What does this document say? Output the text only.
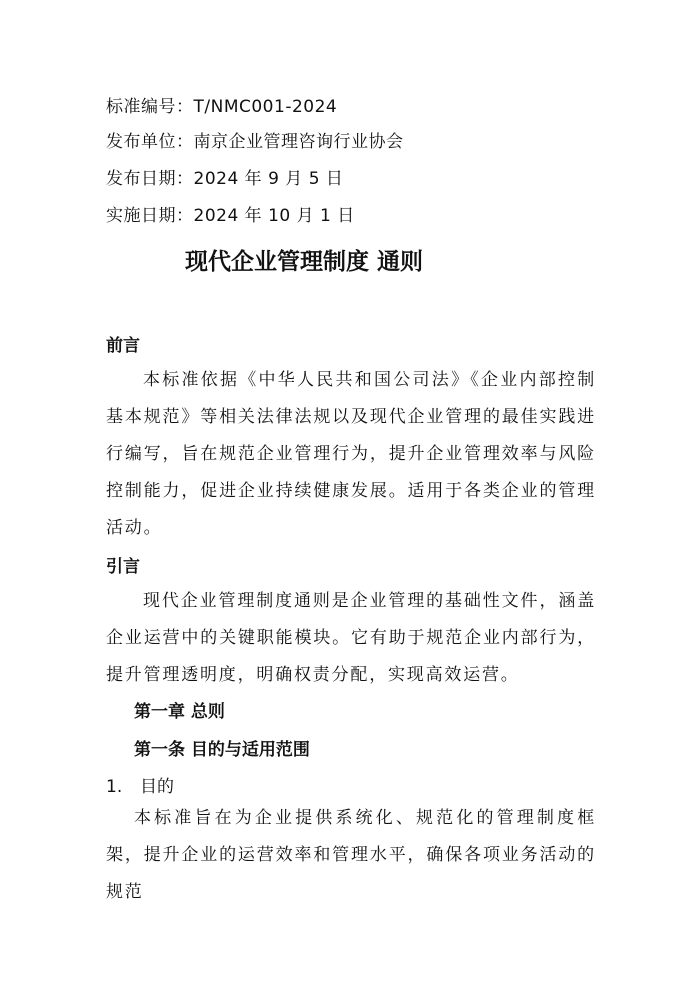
标准编号：T/NMC001-2024
发布单位：南京企业管理咨询行业协会
发布日期：2024 年 9 月 5 日
实施日期：2024 年 10 月 1 日
现代企业管理制度 通则
前言

本标准依据《中华人民共和国公司法》《企业内部控制基本规范》等相关法律法规以及现代企业管理的最佳实践进行编写，旨在规范企业管理行为，提升企业管理效率与风险控制能力，促进企业持续健康发展。适用于各类企业的管理活动。

引言

现代企业管理制度通则是企业管理的基础性文件，涵盖企业运营中的关键职能模块。它有助于规范企业内部行为，提升管理透明度，明确权责分配，实现高效运营。

第一章 总则
第一条 目的与适用范围
1. 目的

本标准旨在为企业提供系统化、规范化的管理制度框架，提升企业的运营效率和管理水平，确保各项业务活动的规范
